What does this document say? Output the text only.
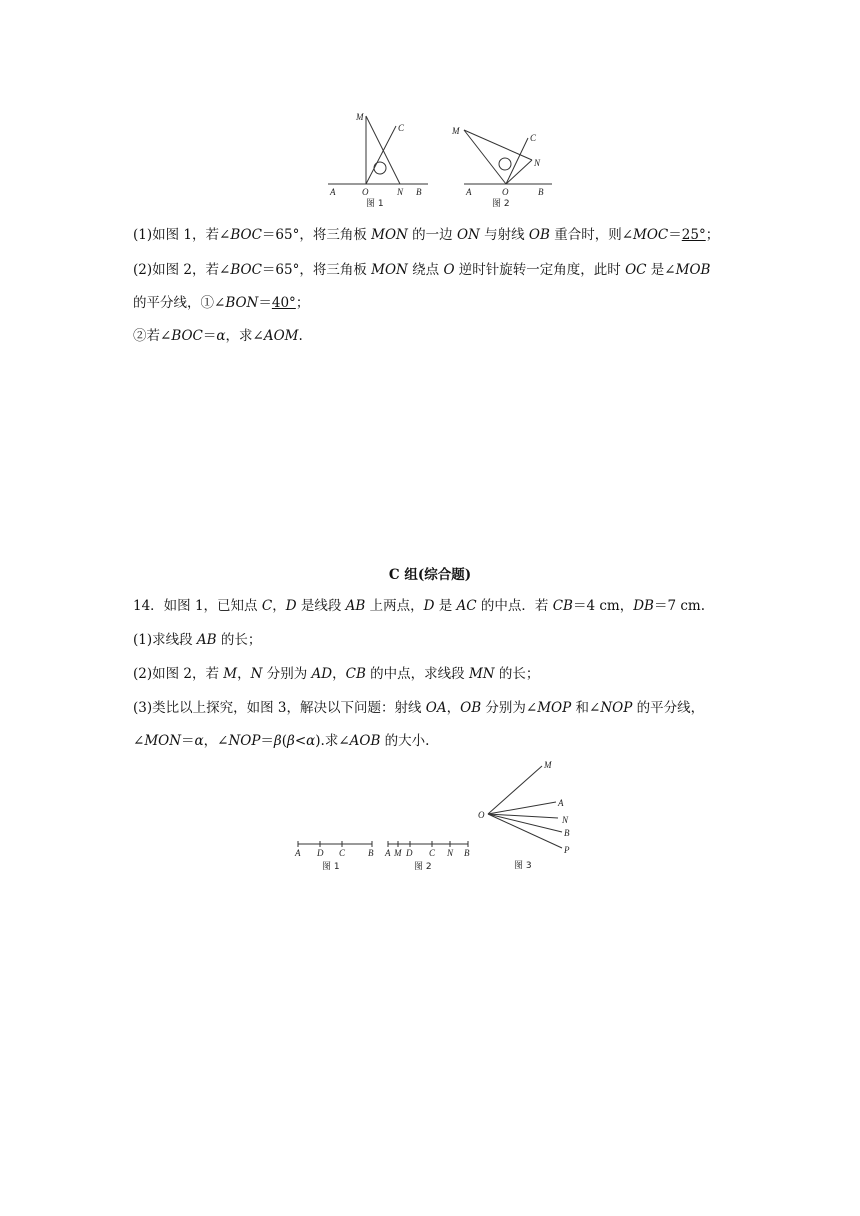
M
C
A	O	N B
图 1
M
C
N
A	O	B
图 2
(1)如图 1，若∠BOC＝65°，将三角板 MON 的一边 ON 与射线 OB 重合时，则∠MOC＝25°；
(2)如图 2，若∠BOC＝65°，将三角板 MON 绕点 O 逆时针旋转一定角度，此时 OC 是∠MOB
的平分线，①∠BON＝40°；
②若∠BOC＝α，求∠AOM.
C 组(综合题)
14．如图 1，已知点 C，D 是线段 AB 上两点，D 是 AC 的中点．若 CB＝4 cm，DB＝7 cm.
(1)求线段 AB 的长；
(2)如图 2，若 M，N 分别为 AD，CB 的中点，求线段 MN 的长；
(3)类比以上探究，如图 3，解决以下问题：射线 OA，OB 分别为∠MOP 和∠NOP 的平分线，
∠MON＝α，∠NOP＝β(β<α).求∠AOB 的大小.
A D C	B
图 1
A M D C N B
图 2
O
M
A
N
B
P
图 3
